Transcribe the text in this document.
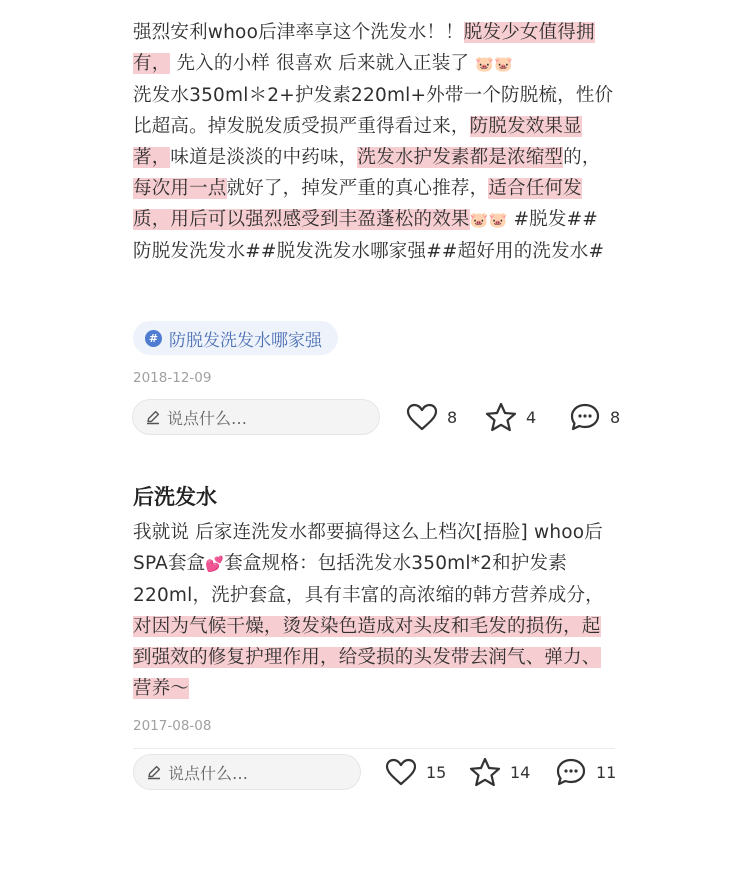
强烈安利whoo后津率享这个洗发水！！脱发少女值得拥有， 先入的小样 很喜欢 后来就入正装了 🐷🐷
洗发水350ml＊2+护发素220ml+外带一个防脱梳，性价比超高。掉发脱发质受损严重得看过来，防脱发效果显著，味道是淡淡的中药味，洗发水护发素都是浓缩型的，每次用一点就好了，掉发严重的真心推荐，适合任何发质，用后可以强烈感受到丰盈蓬松的效果🐷🐷 #脱发##防脱发洗发水##脱发洗发水哪家强##超好用的洗发水#
# 防脱发洗发水哪家强
2018-12-09
说点什么…	8	4	8
后洗发水
我就说 后家连洗发水都要搞得这么上档次[捂脸] whoo后SPA套盒💕套盒规格：包括洗发水350ml*2和护发素220ml，洗护套盒，具有丰富的高浓缩的韩方营养成分，对因为气候干燥，烫发染色造成对头皮和毛发的损伤，起到强效的修复护理作用，给受损的头发带去润气、弹力、营养～
2017-08-08
说点什么…	15	14	11
